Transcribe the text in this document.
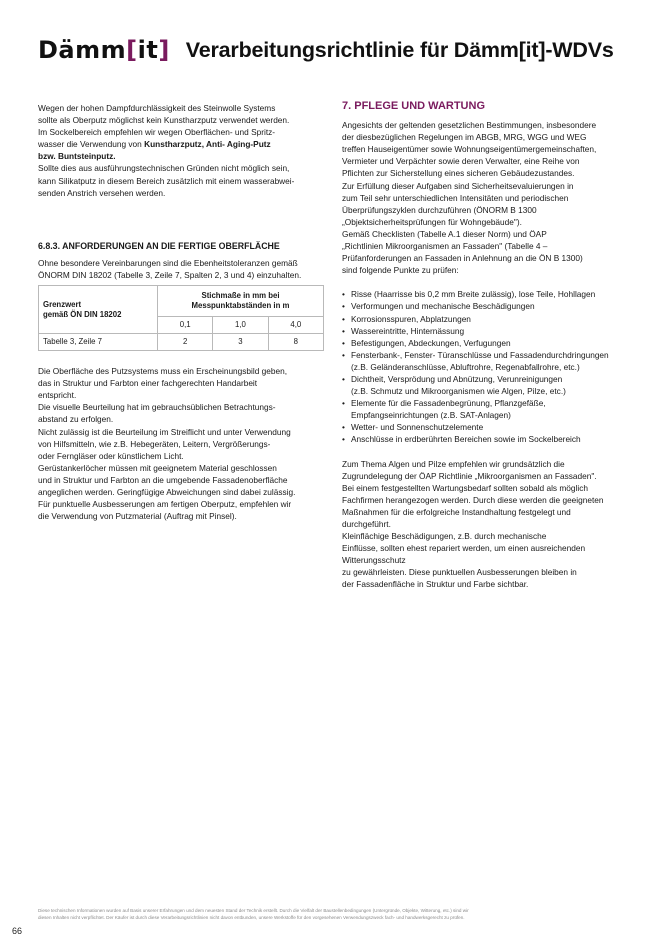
Dämm[it] Verarbeitungsrichtlinie für Dämm[it]-WDVs

Wegen der hohen Dampfdurchlässigkeit des Steinwolle Systems
sollte als Oberputz möglichst kein Kunstharzputz verwendet werden.
Im Sockelbereich empfehlen wir wegen Oberflächen- und Spritz-
wasser die Verwendung von Kunstharzputz, Anti- Aging-Putz
bzw. Buntsteinputz.
Sollte dies aus ausführungstechnischen Gründen nicht möglich sein,
kann Silikatputz in diesem Bereich zusätzlich mit einem wasserabwei-
senden Anstrich versehen werden.

6.8.3. ANFORDERUNGEN AN DIE FERTIGE OBERFLÄCHE

Ohne besondere Vereinbarungen sind die Ebenheitstoleranzen gemäß
ÖNORM DIN 18202 (Tabelle 3, Zeile 7, Spalten 2, 3 und 4) einzuhalten.

Grenzwert
gemäß ÖN DIN 18202	Stichmaße in mm bei
Messpunktabständen in m		

	0,1	1,0	4,0
Tabelle 3, Zeile 7	2	3	8

Die Oberfläche des Putzsystems muss ein Erscheinungsbild geben,
das in Struktur und Farbton einer fachgerechten Handarbeit
entspricht.
Die visuelle Beurteilung hat im gebrauchsüblichen Betrachtungs-
abstand zu erfolgen.
Nicht zulässig ist die Beurteilung im Streiflicht und unter Verwendung
von Hilfsmitteln, wie z.B. Hebegeräten, Leitern, Vergrößerungs-
oder Ferngläser oder künstlichem Licht.
Gerüstankerlöcher müssen mit geeignetem Material geschlossen
und in Struktur und Farbton an die umgebende Fassadenoberfläche
angeglichen werden. Geringfügige Abweichungen sind dabei zulässig.
Für punktuelle Ausbesserungen am fertigen Oberputz, empfehlen wir
die Verwendung von Putzmaterial (Auftrag mit Pinsel).

7. PFLEGE UND WARTUNG

Angesichts der geltenden gesetzlichen Bestimmungen, insbesondere
der diesbezüglichen Regelungen im ABGB, MRG, WGG und WEG
treffen Hauseigentümer sowie Wohnungseigentümergemeinschaften,
Vermieter und Verpächter sowie deren Verwalter, eine Reihe von
Pflichten zur Sicherstellung eines sicheren Gebäudezustandes.
Zur Erfüllung dieser Aufgaben sind Sicherheitsevaluierungen in
zum Teil sehr unterschiedlichen Intensitäten und periodischen
Überprüfungszyklen durchzuführen (ÖNORM B 1300
„Objektsicherheitsprüfungen für Wohngebäude").
Gemäß Checklisten (Tabelle A.1 dieser Norm) und ÖAP
„Richtlinien Mikroorganismen an Fassaden" (Tabelle 4 –
Prüfanforderungen an Fassaden in Anlehnung an die ÖN B 1300)
sind folgende Punkte zu prüfen:

• Risse (Haarrisse bis 0,2 mm Breite zulässig), lose Teile, Hohllagen
• Verformungen und mechanische Beschädigungen
• Korrosionsspuren, Abplatzungen
• Wassereintritte, Hinternässung
• Befestigungen, Abdeckungen, Verfugungen
• Fensterbank-, Fenster- Türanschlüsse und Fassadendurchdringungen
(z.B. Geländeranschlüsse, Abluftrohre, Regenabfallrohre, etc.)
• Dichtheit, Versprödung und Abnützung, Verunreinigungen
(z.B. Schmutz und Mikroorganismen wie Algen, Pilze, etc.)
• Elemente für die Fassadenbegrünung, Pflanzgefäße,
Empfangseinrichtungen (z.B. SAT-Anlagen)
• Wetter- und Sonnenschutzelemente
• Anschlüsse in erdberührten Bereichen sowie im Sockelbereich

Zum Thema Algen und Pilze empfehlen wir grundsätzlich die
Zugrundelegung der ÖAP Richtlinie „Mikroorganismen an Fassaden".
Bei einem festgestellten Wartungsbedarf sollten sobald als möglich
Fachfirmen herangezogen werden. Durch diese werden die geeigneten
Maßnahmen für die erfolgreiche Instandhaltung festgelegt und
durchgeführt.
Kleinflächige Beschädigungen, z.B. durch mechanische
Einflüsse, sollten ehest repariert werden, um einen ausreichenden
Witterungsschutz
zu gewährleisten. Diese punktuellen Ausbesserungen bleiben in
der Fassadenfläche in Struktur und Farbe sichtbar.

Diese technischen Informationen wurden auf Basis unserer Erfahrungen und dem neuesten Stand der Technik erstellt. Durch die Vielfalt der Baustellenbedingungen (Untergründe, Objekte, Witterung, etc.) sind wir
diesen Inhalten nicht verpflichtet. Der Käufer ist durch diese Verarbeitungsrichtlinien nicht davon entbunden, unsere Werkstoffe für den vorgesehenen Verwendungszweck fach- und handwerksgerecht zu prüfen.
66
